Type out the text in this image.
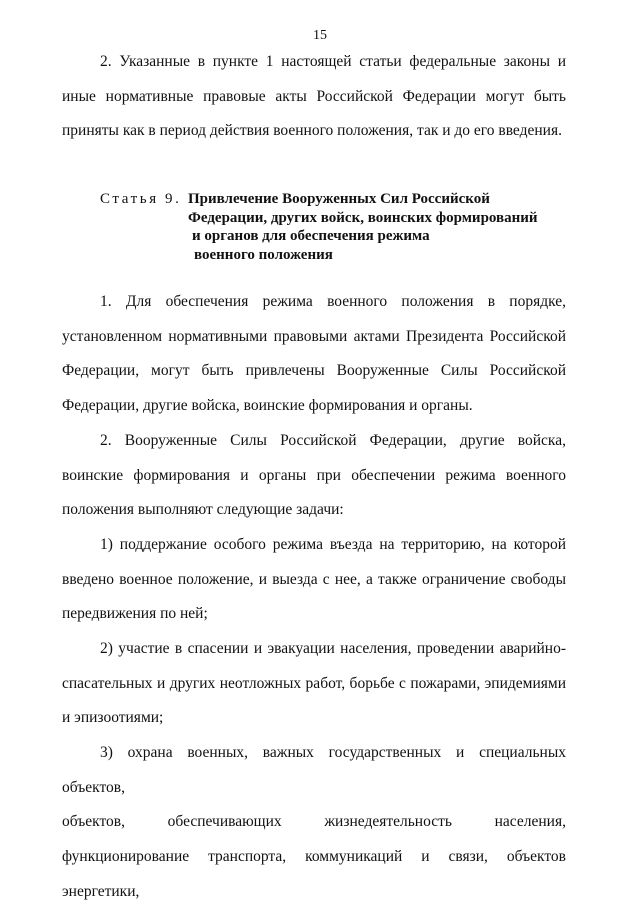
15
2. Указанные в пункте 1 настоящей статьи федеральные законы и иные нормативные правовые акты Российской Федерации могут быть приняты как в период действия военного положения, так и до его введения.
Статья 9. Привлечение Вооруженных Сил Российской
Федерации, других войск, воинских формирований
и органов для обеспечения режима
военного положения
1. Для обеспечения режима военного положения в порядке, установленном нормативными правовыми актами Президента Российской Федерации, могут быть привлечены Вооруженные Силы Российской Федерации, другие войска, воинские формирования и органы.
2. Вооруженные Силы Российской Федерации, другие войска, воинские формирования и органы при обеспечении режима военного положения выполняют следующие задачи:
1) поддержание особого режима въезда на территорию, на которой введено военное положение, и выезда с нее, а также ограничение свободы передвижения по ней;
2) участие в спасении и эвакуации населения, проведении аварийно-спасательных и других неотложных работ, борьбе с пожарами, эпидемиями и эпизоотиями;
3) охрана военных, важных государственных и специальных объектов,
объектов,	обеспечивающих	жизнедеятельность	населения,
функционирование транспорта, коммуникаций и связи, объектов энергетики,
